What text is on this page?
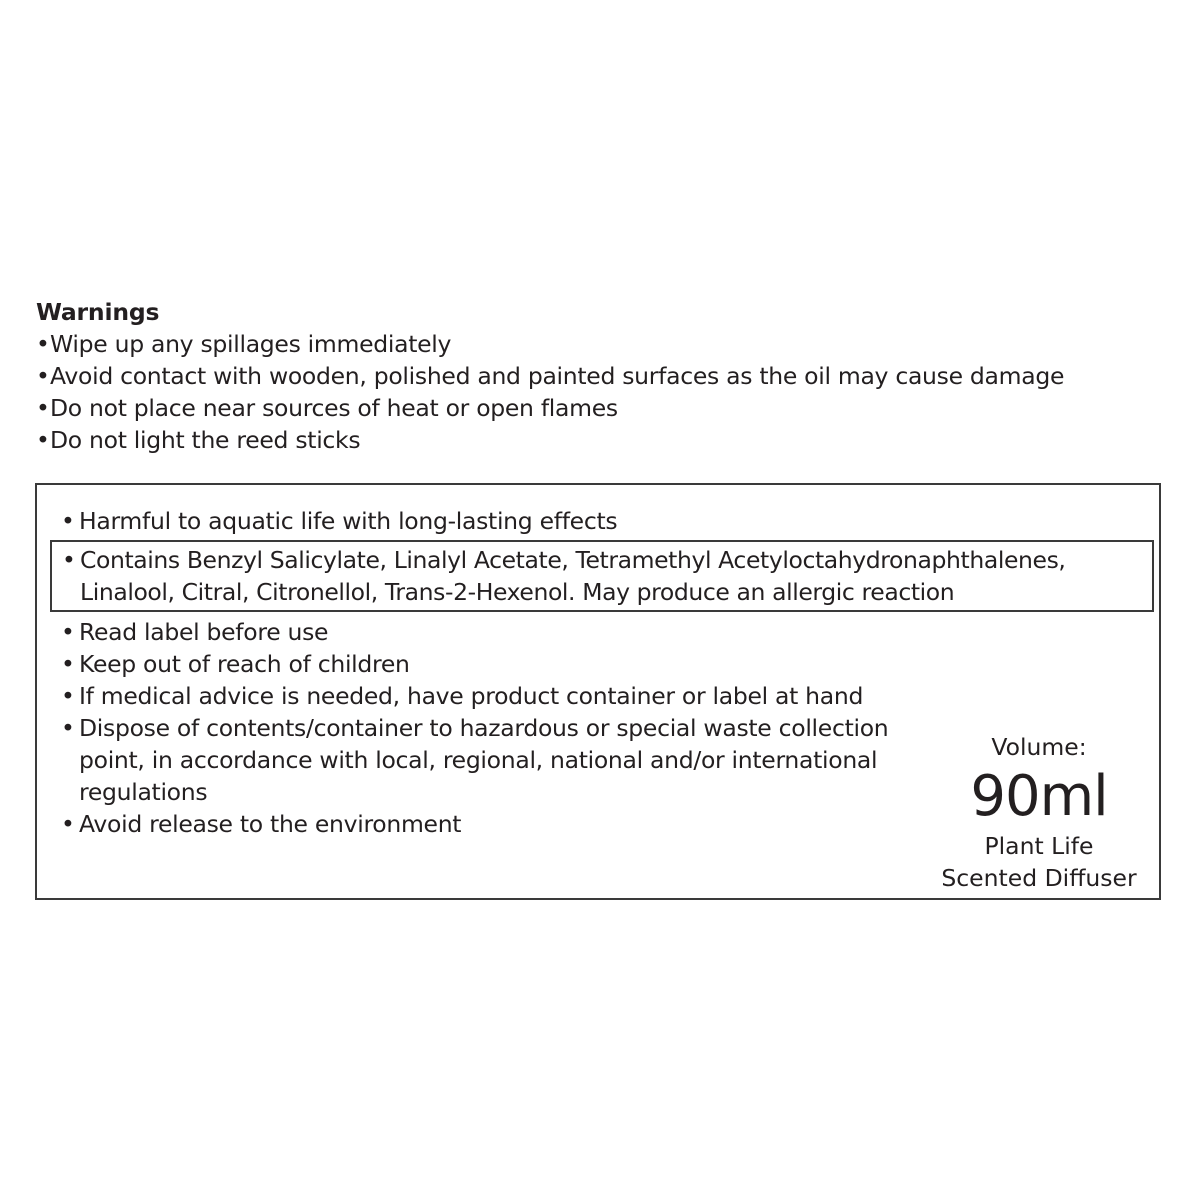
Warnings
•Wipe up any spillages immediately
•Avoid contact with wooden, polished and painted surfaces as the oil may cause damage
•Do not place near sources of heat or open flames
•Do not light the reed sticks
• Harmful to aquatic life with long-lasting effects
• Contains Benzyl Salicylate, Linalyl Acetate, Tetramethyl Acetyloctahydronaphthalenes, Linalool, Citral, Citronellol, Trans-2-Hexenol. May produce an allergic reaction
• Read label before use
• Keep out of reach of children
• If medical advice is needed, have product container or label at hand
• Dispose of contents/container to hazardous or special waste collection point, in accordance with local, regional, national and/or international regulations
• Avoid release to the environment
Volume:
90ml
Plant Life
Scented Diffuser
